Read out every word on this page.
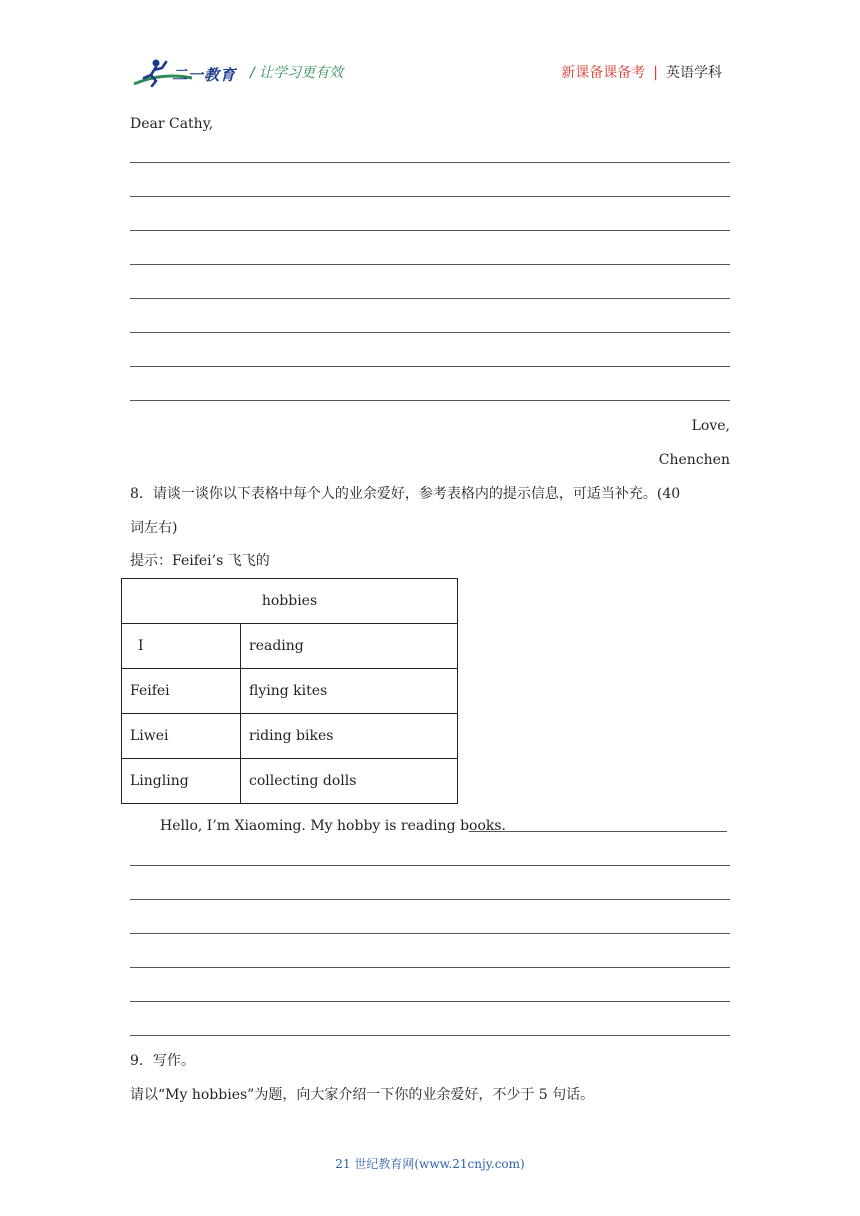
二一教育 / 让学习更有效	新课备课备考 | 英语学科
Dear Cathy,
Love,
Chenchen
8．请谈一谈你以下表格中每个人的业余爱好，参考表格内的提示信息，可适当补充。(40
词左右)
提示：Feifei’s 飞飞的
hobbies	
I	reading
Feifei	flying kites
Liwei	riding bikes
Lingling	collecting dolls
Hello, I’m Xiaoming. My hobby is reading books.
9．写作。
请以“My hobbies”为题，向大家介绍一下你的业余爱好，不少于 5 句话。
21 世纪教育网(www.21cnjy.com)
